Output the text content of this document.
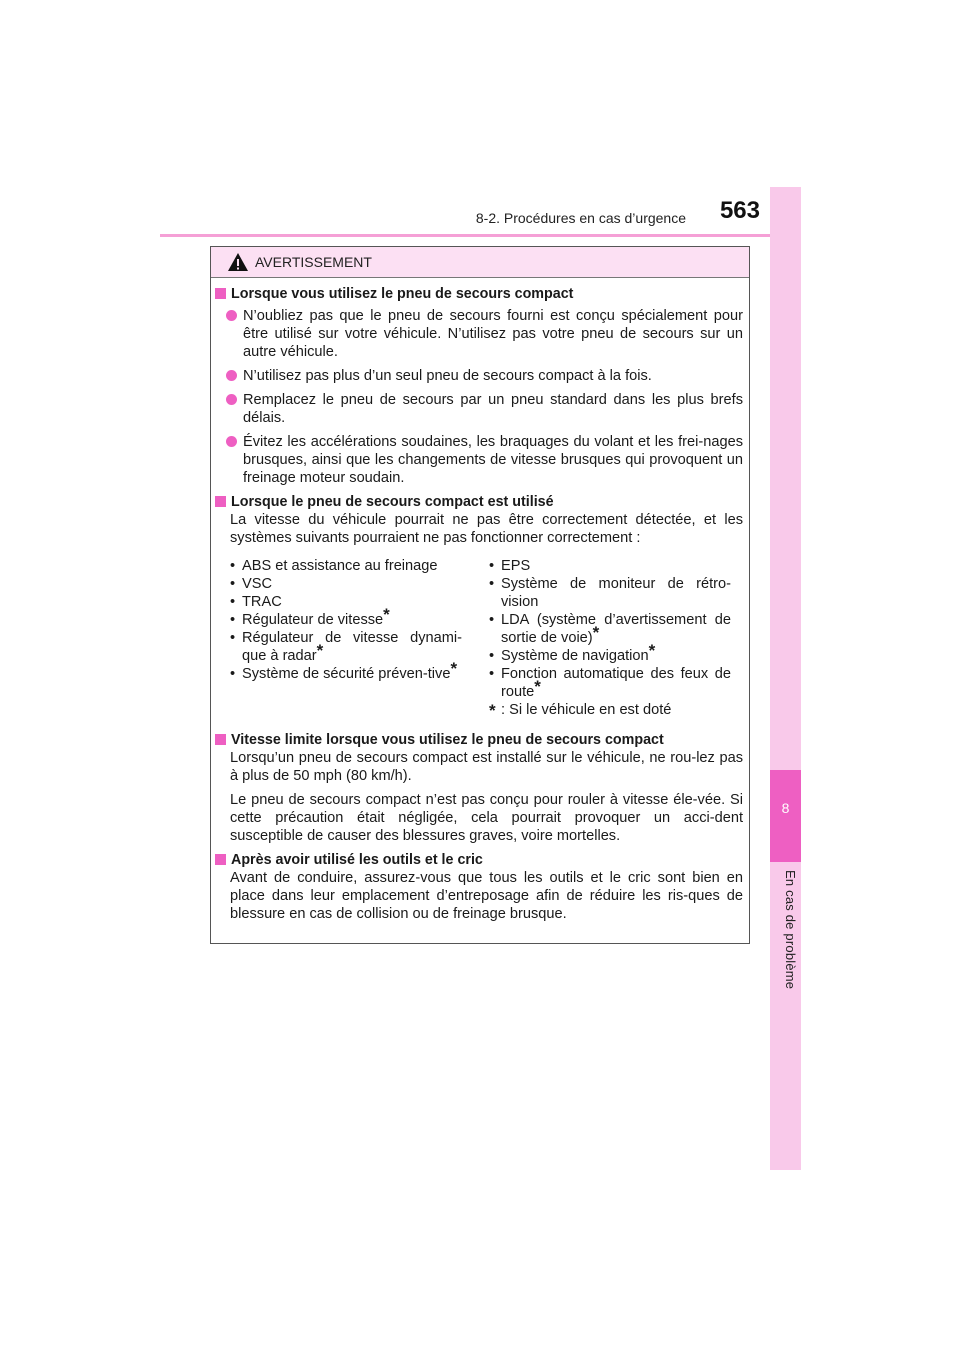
8-2. Procédures en cas d’urgence	563
8
En cas de problème
AVERTISSEMENT
Lorsque vous utilisez le pneu de secours compact
N’oubliez pas que le pneu de secours fourni est conçu spécialement pour être utilisé sur votre véhicule. N’utilisez pas votre pneu de secours sur un autre véhicule.
N’utilisez pas plus d’un seul pneu de secours compact à la fois.
Remplacez le pneu de secours par un pneu standard dans les plus brefs délais.
Évitez les accélérations soudaines, les braquages du volant et les frei-nages brusques, ainsi que les changements de vitesse brusques qui provoquent un freinage moteur soudain.
Lorsque le pneu de secours compact est utilisé
La vitesse du véhicule pourrait ne pas être correctement détectée, et les systèmes suivants pourraient ne pas fonctionner correctement :
• ABS et assistance au freinage
• VSC
• TRAC
• Régulateur de vitesse*
• Régulateur de vitesse dynami-que à radar*
• Système de sécurité préven-tive*
• EPS
• Système de moniteur de rétro-vision
• LDA (système d’avertissement de sortie de voie)*
• Système de navigation*
• Fonction automatique des feux de route*
* : Si le véhicule en est doté
Vitesse limite lorsque vous utilisez le pneu de secours compact
Lorsqu’un pneu de secours compact est installé sur le véhicule, ne rou-lez pas à plus de 50 mph (80 km/h).
Le pneu de secours compact n’est pas conçu pour rouler à vitesse éle-vée. Si cette précaution était négligée, cela pourrait provoquer un acci-dent susceptible de causer des blessures graves, voire mortelles.
Après avoir utilisé les outils et le cric
Avant de conduire, assurez-vous que tous les outils et le cric sont bien en place dans leur emplacement d’entreposage afin de réduire les ris-ques de blessure en cas de collision ou de freinage brusque.
